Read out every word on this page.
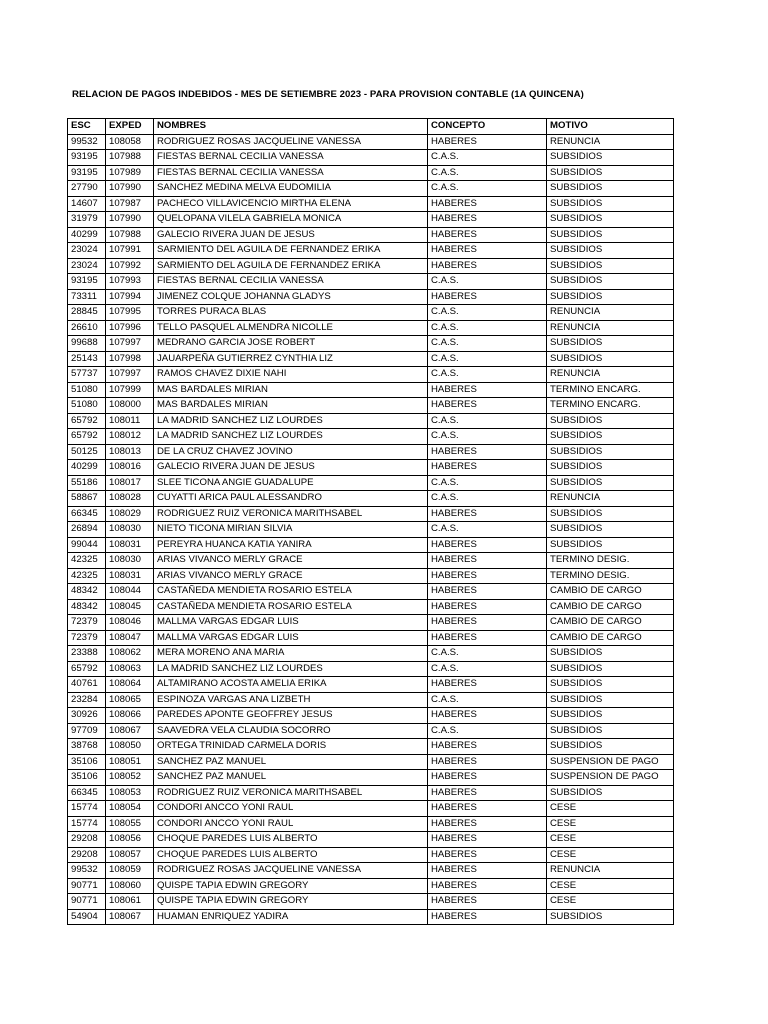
RELACION DE PAGOS INDEBIDOS - MES DE SETIEMBRE 2023 - PARA PROVISION CONTABLE (1A QUINCENA)
ESC	EXPED	NOMBRES	CONCEPTO	MOTIVO
99532	108058	RODRIGUEZ ROSAS JACQUELINE VANESSA	HABERES	RENUNCIA
93195	107988	FIESTAS BERNAL CECILIA VANESSA	C.A.S.	SUBSIDIOS
93195	107989	FIESTAS BERNAL CECILIA VANESSA	C.A.S.	SUBSIDIOS
27790	107990	SANCHEZ MEDINA MELVA EUDOMILIA	C.A.S.	SUBSIDIOS
14607	107987	PACHECO VILLAVICENCIO MIRTHA ELENA	HABERES	SUBSIDIOS
31979	107990	QUELOPANA VILELA GABRIELA MONICA	HABERES	SUBSIDIOS
40299	107988	GALECIO RIVERA JUAN DE JESUS	HABERES	SUBSIDIOS
23024	107991	SARMIENTO DEL AGUILA DE FERNANDEZ ERIKA	HABERES	SUBSIDIOS
23024	107992	SARMIENTO DEL AGUILA DE FERNANDEZ ERIKA	HABERES	SUBSIDIOS
93195	107993	FIESTAS BERNAL CECILIA VANESSA	C.A.S.	SUBSIDIOS
73311	107994	JIMENEZ COLQUE JOHANNA GLADYS	HABERES	SUBSIDIOS
28845	107995	TORRES PURACA BLAS	C.A.S.	RENUNCIA
26610	107996	TELLO PASQUEL ALMENDRA NICOLLE	C.A.S.	RENUNCIA
99688	107997	MEDRANO GARCIA JOSE ROBERT	C.A.S.	SUBSIDIOS
25143	107998	JAUARPEÑA GUTIERREZ CYNTHIA LIZ	C.A.S.	SUBSIDIOS
57737	107997	RAMOS CHAVEZ DIXIE NAHI	C.A.S.	RENUNCIA
51080	107999	MAS BARDALES MIRIAN	HABERES	TERMINO ENCARG.
51080	108000	MAS BARDALES MIRIAN	HABERES	TERMINO ENCARG.
65792	108011	LA MADRID SANCHEZ LIZ LOURDES	C.A.S.	SUBSIDIOS
65792	108012	LA MADRID SANCHEZ LIZ LOURDES	C.A.S.	SUBSIDIOS
50125	108013	DE LA CRUZ CHAVEZ JOVINO	HABERES	SUBSIDIOS
40299	108016	GALECIO RIVERA JUAN DE JESUS	HABERES	SUBSIDIOS
55186	108017	SLEE TICONA ANGIE GUADALUPE	C.A.S.	SUBSIDIOS
58867	108028	CUYATTI ARICA PAUL ALESSANDRO	C.A.S.	RENUNCIA
66345	108029	RODRIGUEZ RUIZ VERONICA MARITHSABEL	HABERES	SUBSIDIOS
26894	108030	NIETO TICONA MIRIAN SILVIA	C.A.S.	SUBSIDIOS
99044	108031	PEREYRA HUANCA KATIA YANIRA	HABERES	SUBSIDIOS
42325	108030	ARIAS VIVANCO MERLY GRACE	HABERES	TERMINO DESIG.
42325	108031	ARIAS VIVANCO MERLY GRACE	HABERES	TERMINO DESIG.
48342	108044	CASTAÑEDA MENDIETA ROSARIO ESTELA	HABERES	CAMBIO DE CARGO
48342	108045	CASTAÑEDA MENDIETA ROSARIO ESTELA	HABERES	CAMBIO DE CARGO
72379	108046	MALLMA VARGAS EDGAR LUIS	HABERES	CAMBIO DE CARGO
72379	108047	MALLMA VARGAS EDGAR LUIS	HABERES	CAMBIO DE CARGO
23388	108062	MERA MORENO ANA MARIA	C.A.S.	SUBSIDIOS
65792	108063	LA MADRID SANCHEZ LIZ LOURDES	C.A.S.	SUBSIDIOS
40761	108064	ALTAMIRANO ACOSTA AMELIA ERIKA	HABERES	SUBSIDIOS
23284	108065	ESPINOZA VARGAS ANA LIZBETH	C.A.S.	SUBSIDIOS
30926	108066	PAREDES APONTE GEOFFREY JESUS	HABERES	SUBSIDIOS
97709	108067	SAAVEDRA VELA CLAUDIA SOCORRO	C.A.S.	SUBSIDIOS
38768	108050	ORTEGA TRINIDAD CARMELA DORIS	HABERES	SUBSIDIOS
35106	108051	SANCHEZ PAZ MANUEL	HABERES	SUSPENSION DE PAGO
35106	108052	SANCHEZ PAZ MANUEL	HABERES	SUSPENSION DE PAGO
66345	108053	RODRIGUEZ RUIZ VERONICA MARITHSABEL	HABERES	SUBSIDIOS
15774	108054	CONDORI ANCCO YONI RAUL	HABERES	CESE
15774	108055	CONDORI ANCCO YONI RAUL	HABERES	CESE
29208	108056	CHOQUE PAREDES LUIS ALBERTO	HABERES	CESE
29208	108057	CHOQUE PAREDES LUIS ALBERTO	HABERES	CESE
99532	108059	RODRIGUEZ ROSAS JACQUELINE VANESSA	HABERES	RENUNCIA
90771	108060	QUISPE TAPIA EDWIN GREGORY	HABERES	CESE
90771	108061	QUISPE TAPIA EDWIN GREGORY	HABERES	CESE
54904	108067	HUAMAN ENRIQUEZ YADIRA	HABERES	SUBSIDIOS
